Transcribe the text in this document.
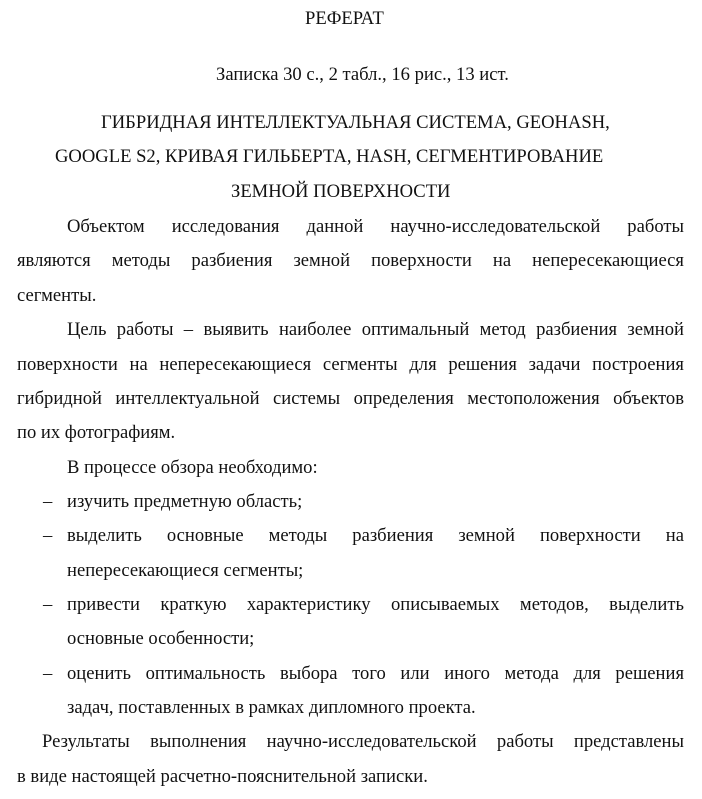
РЕФЕРАТ
Записка 30 с., 2 табл., 16 рис., 13 ист.
ГИБРИДНАЯ ИНТЕЛЛЕКТУАЛЬНАЯ СИСТЕМА, GEOHASH,
GOOGLE S2, КРИВАЯ ГИЛЬБЕРТА, HASH, СЕГМЕНТИРОВАНИЕ
ЗЕМНОЙ ПОВЕРХНОСТИ
Объектом исследования данной научно-исследовательской работы
являются методы разбиения земной поверхности на непересекающиеся
сегменты.
Цель работы – выявить наиболее оптимальный метод разбиения земной
поверхности на непересекающиеся сегменты для решения задачи построения
гибридной интеллектуальной системы определения местоположения объектов
по их фотографиям.
В процессе обзора необходимо:
– изучить предметную область;
– выделить основные методы разбиения земной поверхности на
непересекающиеся сегменты;
– привести краткую характеристику описываемых методов, выделить
основные особенности;
– оценить оптимальность выбора того или иного метода для решения
задач, поставленных в рамках дипломного проекта.
Результаты выполнения научно-исследовательской работы представлены
в виде настоящей расчетно-пояснительной записки.
